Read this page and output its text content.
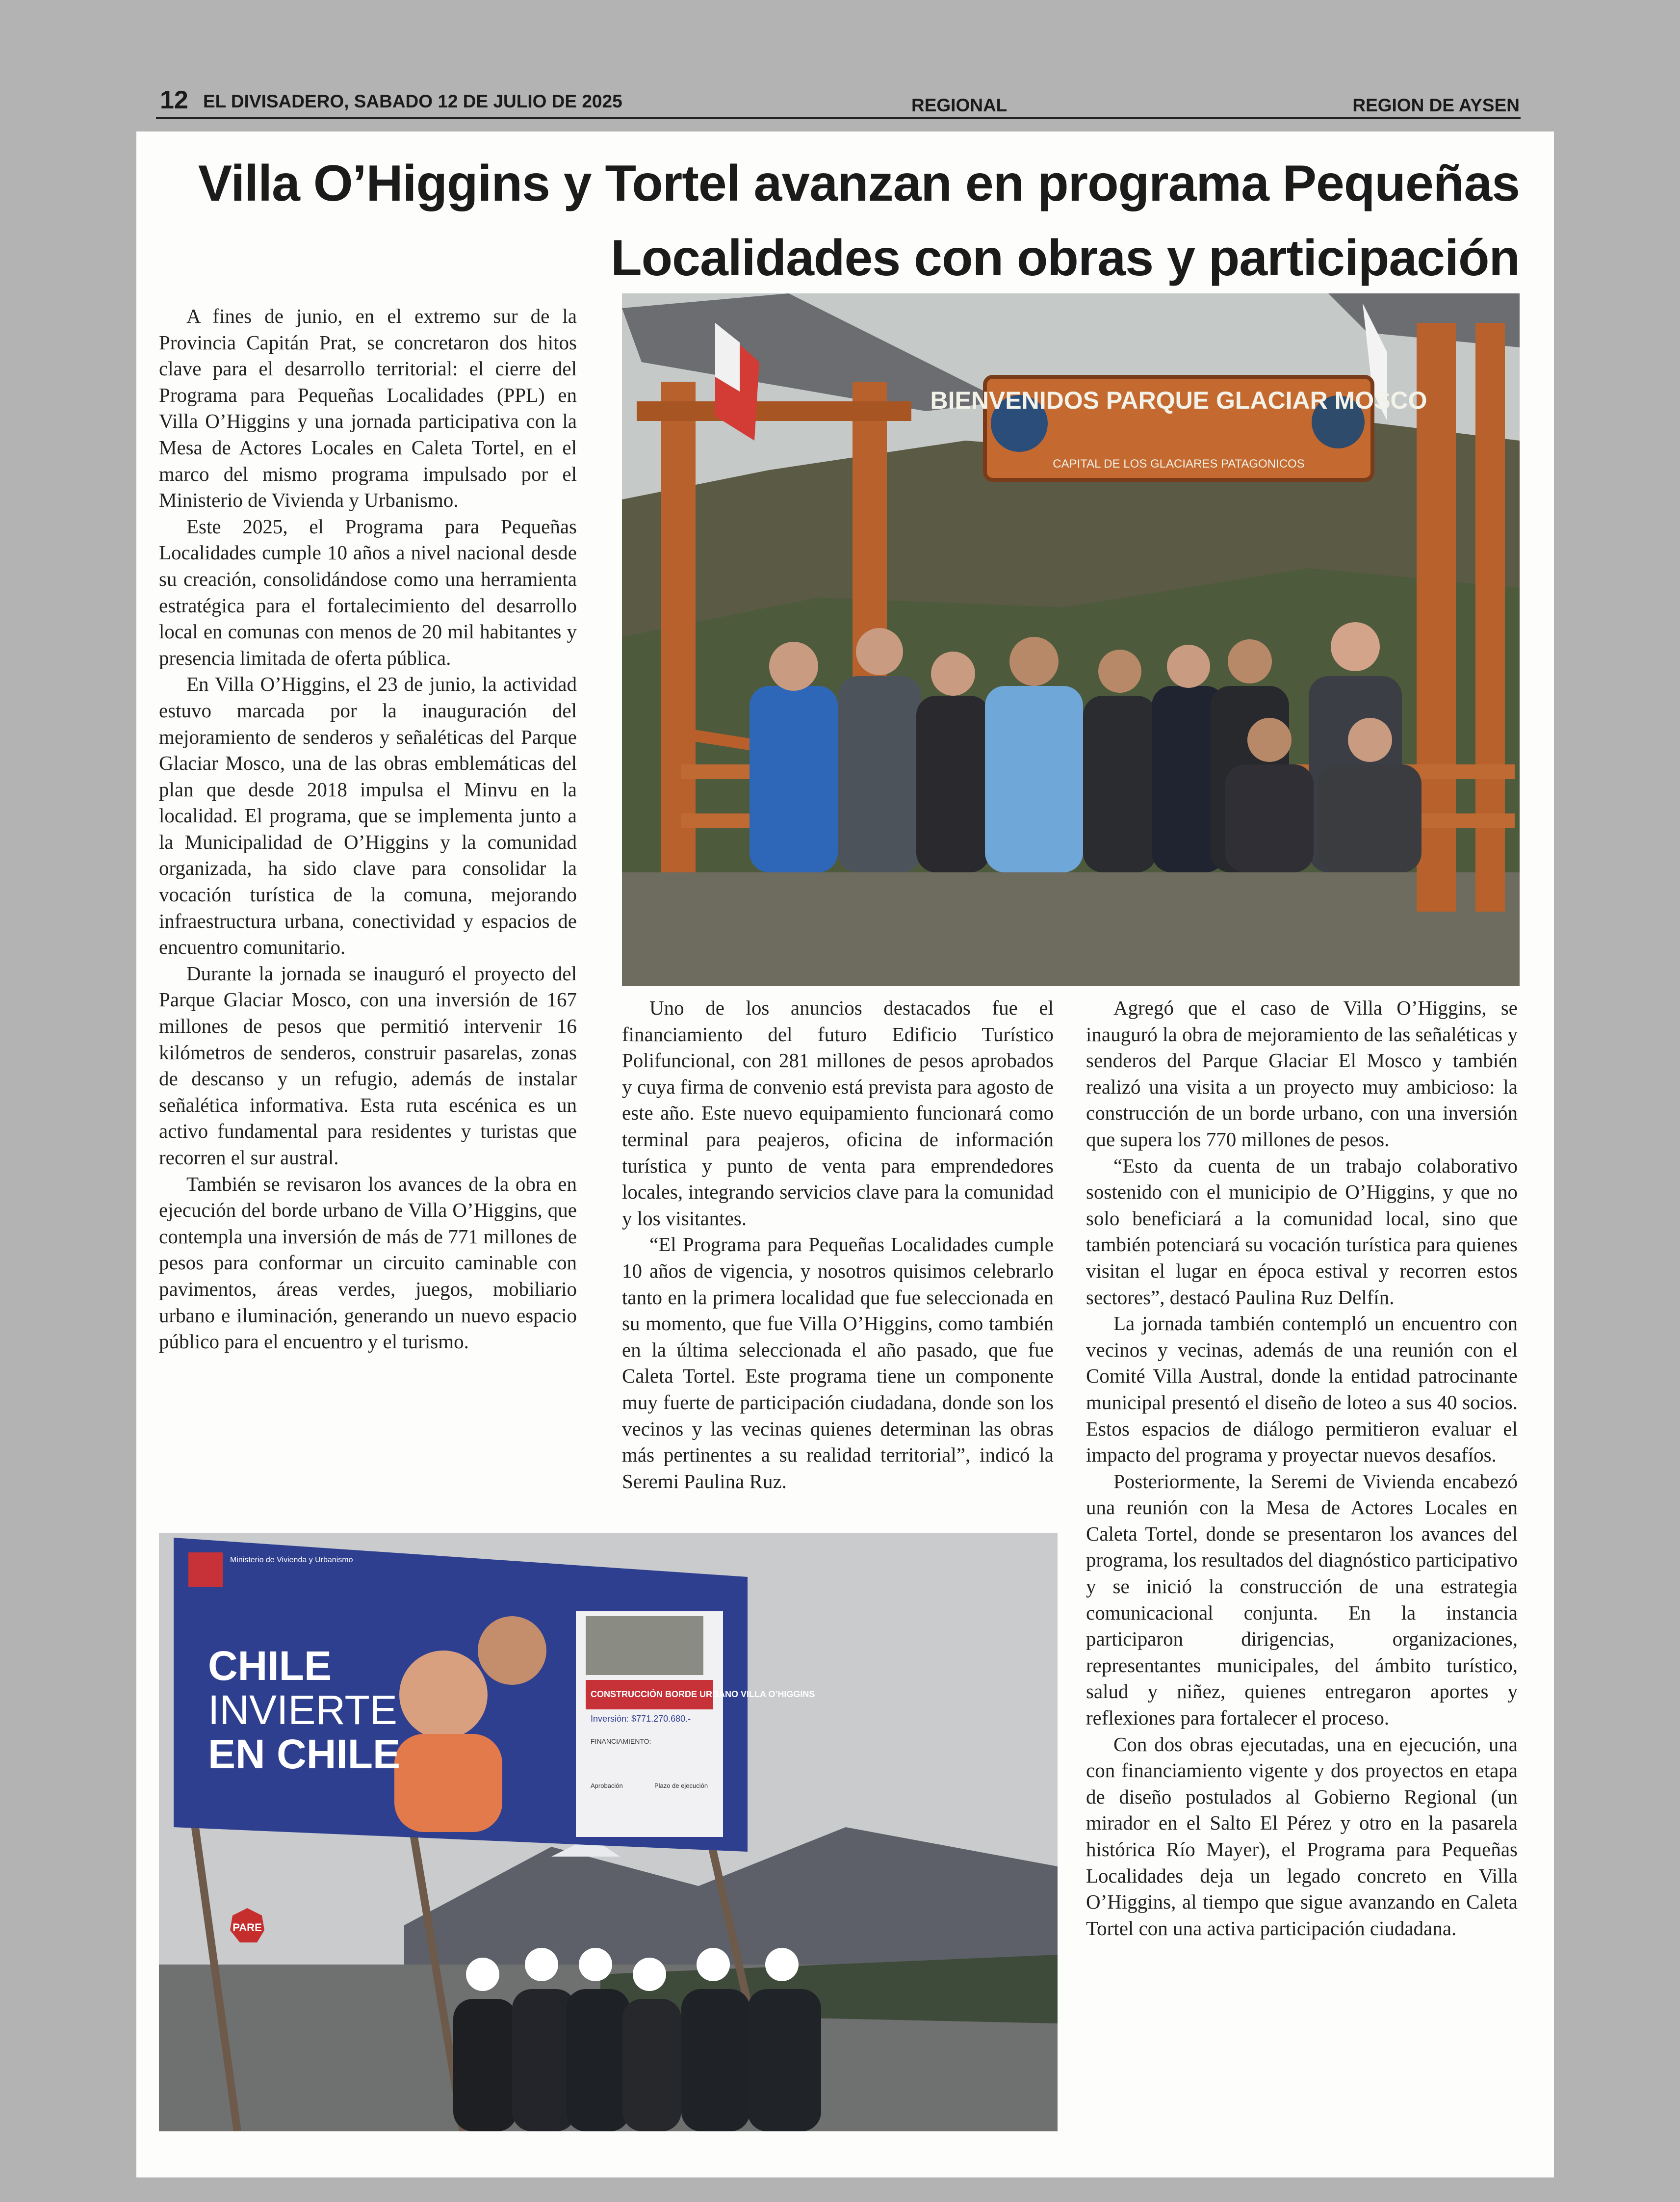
12 EL DIVISADERO, SABADO 12 DE JULIO DE 2025	REGIONAL	REGION DE AYSEN
Villa O’Higgins y Tortel avanzan en programa Pequeñas Localidades con obras y participación

A fines de junio, en el extremo sur de la Provincia Capitán Prat, se concretaron dos hitos clave para el desarrollo territorial: el cierre del Programa para Pequeñas Localidades (PPL) en Villa O’Higgins y una jornada participativa con la Mesa de Actores Locales en Caleta Tortel, en el marco del mismo programa impulsado por el Ministerio de Vivienda y Urbanismo.

Este 2025, el Programa para Pequeñas Localidades cumple 10 años a nivel nacional desde su creación, consolidándose como una herramienta estratégica para el fortalecimiento del desarrollo local en comunas con menos de 20 mil habitantes y presencia limitada de oferta pública.

En Villa O’Higgins, el 23 de junio, la actividad estuvo marcada por la inauguración del mejoramiento de senderos y señaléticas del Parque Glaciar Mosco, una de las obras emblemáticas del plan que desde 2018 impulsa el Minvu en la localidad. El programa, que se implementa junto a la Municipalidad de O’Higgins y la comunidad organizada, ha sido clave para consolidar la vocación turística de la comuna, mejorando infraestructura urbana, conectividad y espacios de encuentro comunitario.

Durante la jornada se inauguró el proyecto del Parque Glaciar Mosco, con una inversión de 167 millones de pesos que permitió intervenir 16 kilómetros de senderos, construir pasarelas, zonas de descanso y un refugio, además de instalar señalética informativa. Esta ruta escénica es un activo fundamental para residentes y turistas que recorren el sur austral.

También se revisaron los avances de la obra en ejecución del borde urbano de Villa O’Higgins, que contempla una inversión de más de 771 millones de pesos para conformar un circuito caminable con pavimentos, áreas verdes, juegos, mobiliario urbano e iluminación, generando un nuevo espacio público para el encuentro y el turismo.

BIENVENIDOS PARQUE GLACIAR MOSCO
CAPITAL DE LOS GLACIARES PATAGONICOS

Uno de los anuncios destacados fue el financiamiento del futuro Edificio Turístico Polifuncional, con 281 millones de pesos aprobados y cuya firma de convenio está prevista para agosto de este año. Este nuevo equipamiento funcionará como terminal para peajeros, oficina de información turística y punto de venta para emprendedores locales, integrando servicios clave para la comunidad y los visitantes.

“El Programa para Pequeñas Localidades cumple 10 años de vigencia, y nosotros quisimos celebrarlo tanto en la primera localidad que fue seleccionada en su momento, que fue Villa O’Higgins, como también en la última seleccionada el año pasado, que fue Caleta Tortel. Este programa tiene un componente muy fuerte de participación ciudadana, donde son los vecinos y las vecinas quienes determinan las obras más pertinentes a su realidad territorial”, indicó la Seremi Paulina Ruz.

Agregó que el caso de Villa O’Higgins, se inauguró la obra de mejoramiento de las señaléticas y senderos del Parque Glaciar El Mosco y también realizó una visita a un proyecto muy ambicioso: la construcción de un borde urbano, con una inversión que supera los 770 millones de pesos.

“Esto da cuenta de un trabajo colaborativo sostenido con el municipio de O’Higgins, y que no solo beneficiará a la comunidad local, sino que también potenciará su vocación turística para quienes visitan el lugar en época estival y recorren estos sectores”, destacó Paulina Ruz Delfín.

La jornada también contempló un encuentro con vecinos y vecinas, además de una reunión con el Comité Villa Austral, donde la entidad patrocinante municipal presentó el diseño de loteo a sus 40 socios. Estos espacios de diálogo permitieron evaluar el impacto del programa y proyectar nuevos desafíos.

Posteriormente, la Seremi de Vivienda encabezó una reunión con la Mesa de Actores Locales en Caleta Tortel, donde se presentaron los avances del programa, los resultados del diagnóstico participativo y se inició la construcción de una estrategia comunicacional conjunta. En la instancia participaron dirigencias, organizaciones, representantes municipales, del ámbito turístico, salud y niñez, quienes entregaron aportes y reflexiones para fortalecer el proceso.

Con dos obras ejecutadas, una en ejecución, una con financiamiento vigente y dos proyectos en etapa de diseño postulados al Gobierno Regional (un mirador en el Salto El Pérez y otro en la pasarela histórica Río Mayer), el Programa para Pequeñas Localidades deja un legado concreto en Villa O’Higgins, al tiempo que sigue avanzando en Caleta Tortel con una activa participación ciudadana.

Ministerio de Vivienda y Urbanismo
CHILE
INVIERTE
EN CHILE
CONSTRUCCIÓN BORDE URBANO VILLA O’HIGGINS
Inversión: $771.270.680.-
FINANCIAMIENTO:
Aprobación	Plazo de ejecución
PARE
